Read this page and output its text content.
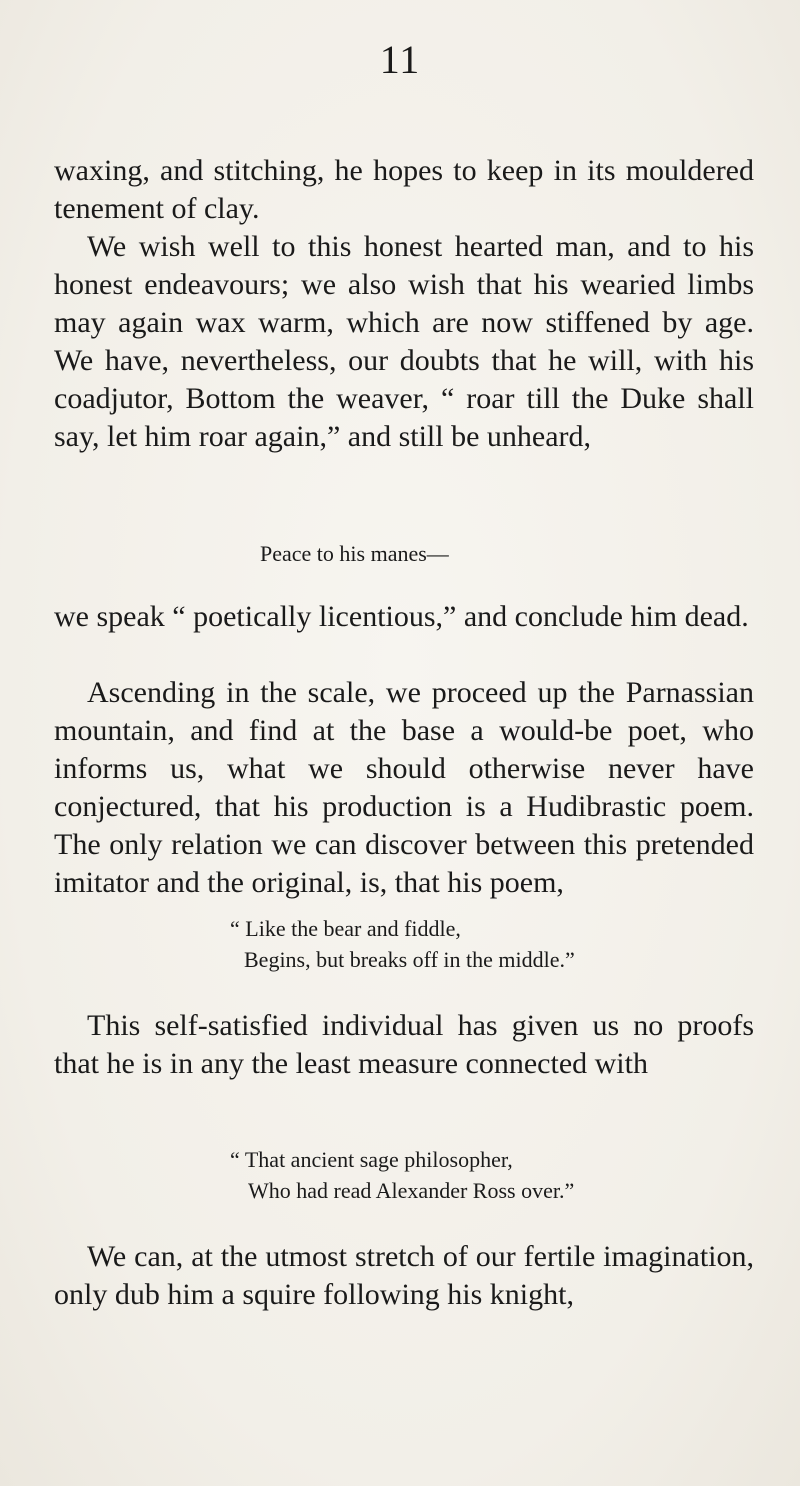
11

waxing, and stitching, he hopes to keep in its mouldered tenement of clay.

We wish well to this honest hearted man, and to his honest endeavours; we also wish that his wearied limbs may again wax warm, which are now stiffened by age. We have, nevertheless, our doubts that he will, with his coadjutor, Bottom the weaver, “ roar till the Duke shall say, let him roar again,” and still be unheard,

Peace to his manes—

we speak “ poetically licentious,” and conclude him dead.

Ascending in the scale, we proceed up the Parnassian mountain, and find at the base a would-be poet, who informs us, what we should otherwise never have conjectured, that his production is a Hudibrastic poem. The only relation we can discover between this pretended imitator and the original, is, that his poem,

“ Like the bear and fiddle,
Begins, but breaks off in the middle.”

This self-satisfied individual has given us no proofs that he is in any the least measure connected with

“ That ancient sage philosopher,
Who had read Alexander Ross over.”

We can, at the utmost stretch of our fertile imagination, only dub him a squire following his knight,
